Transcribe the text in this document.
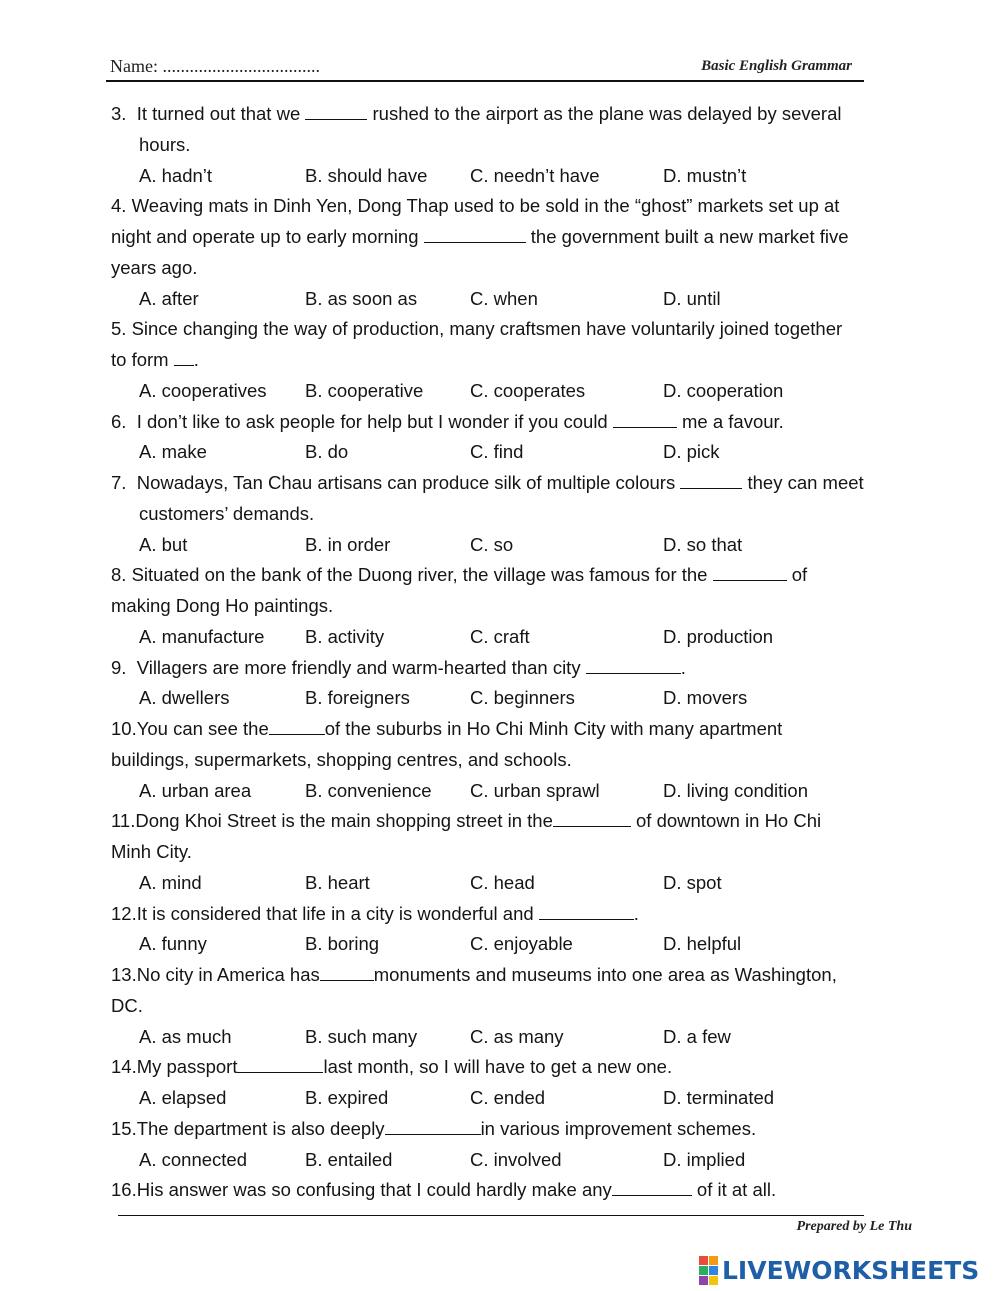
Name: ...................................	Basic English Grammar
3.  It turned out that we	rushed to the airport as the plane was delayed by several
hours.
A. hadn’t	B. should have C. needn’t have	D. mustn’t
4. Weaving mats in Dinh Yen, Dong Thap used to be sold in the “ghost” markets set up at
night and operate up to early morning	the government built a new market five
years ago.
A. after	B. as soon as	C. when	D. until
5. Since changing the way of production, many craftsmen have voluntarily joined together
to form .
A. cooperatives B. cooperative	C. cooperates	D. cooperation
6.  I don’t like to ask people for help but I wonder if you could	me a favour.
A. make	B. do	C. find	D. pick
7.  Nowadays, Tan Chau artisans can produce silk of multiple colours	they can meet
customers’ demands.
A. but	B. in order	C. so	D. so that
8. Situated on the bank of the Duong river, the village was famous for the	of
making Dong Ho paintings.
A. manufacture B. activity	C. craft	D. production
9.  Villagers are more friendly and warm-hearted than city	.
A. dwellers	B. foreigners	C. beginners	D. movers
10.You can see the	of the suburbs in Ho Chi Minh City with many apartment
buildings, supermarkets, shopping centres, and schools.
A. urban area	B. convenience C. urban sprawl	D. living condition
11.Dong Khoi Street is the main shopping street in the	of downtown in Ho Chi
Minh City.
A. mind	B. heart	C. head	D. spot
12.It is considered that life in a city is wonderful and	.
A. funny	B. boring	C. enjoyable	D. helpful
13.No city in America has	monuments and museums into one area as Washington,
DC.
A. as much	B. such many	C. as many	D. a few
14.My passport	last month, so I will have to get a new one.
A. elapsed	B. expired	C. ended	D. terminated
15.The department is also deeply	in various improvement schemes.
A. connected	B. entailed	C. involved	D. implied
16.His answer was so confusing that I could hardly make any	of it at all.
Prepared by Le Thu
LIVEWORKSHEETS
